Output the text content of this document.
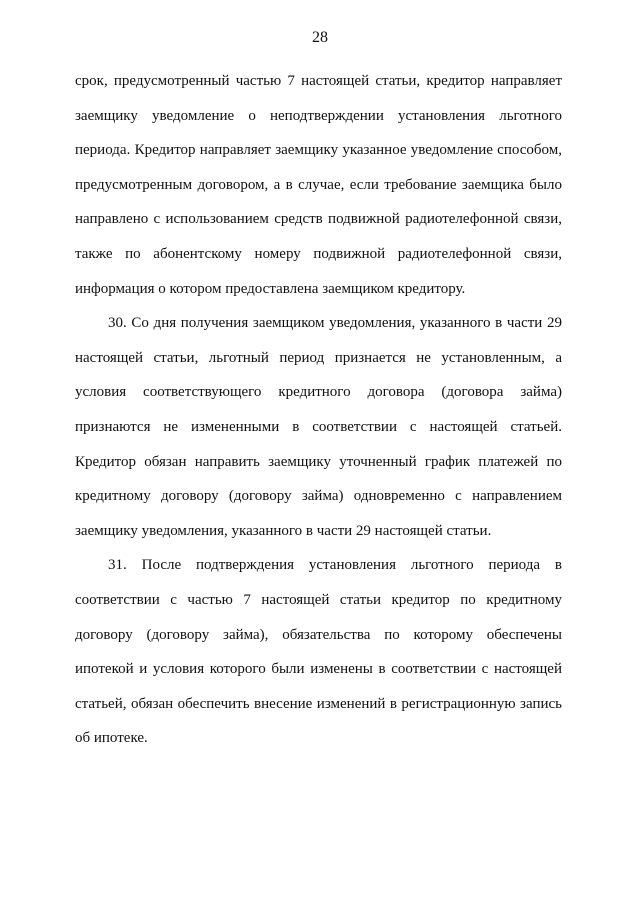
28

срок, предусмотренный частью 7 настоящей статьи, кредитор направляет заемщику уведомление о неподтверждении установления льготного периода. Кредитор направляет заемщику указанное уведомление способом, предусмотренным договором, а в случае, если требование заемщика было направлено с использованием средств подвижной радиотелефонной связи, также по абонентскому номеру подвижной радиотелефонной связи, информация о котором предоставлена заемщиком кредитору.

30. Со дня получения заемщиком уведомления, указанного в части 29 настоящей статьи, льготный период признается не установленным, а условия соответствующего кредитного договора (договора займа) признаются не измененными в соответствии с настоящей статьей. Кредитор обязан направить заемщику уточненный график платежей по кредитному договору (договору займа) одновременно с направлением заемщику уведомления, указанного в части 29 настоящей статьи.

31. После подтверждения установления льготного периода в соответствии с частью 7 настоящей статьи кредитор по кредитному договору (договору займа), обязательства по которому обеспечены ипотекой и условия которого были изменены в соответствии с настоящей статьей, обязан обеспечить внесение изменений в регистрационную запись об ипотеке.
